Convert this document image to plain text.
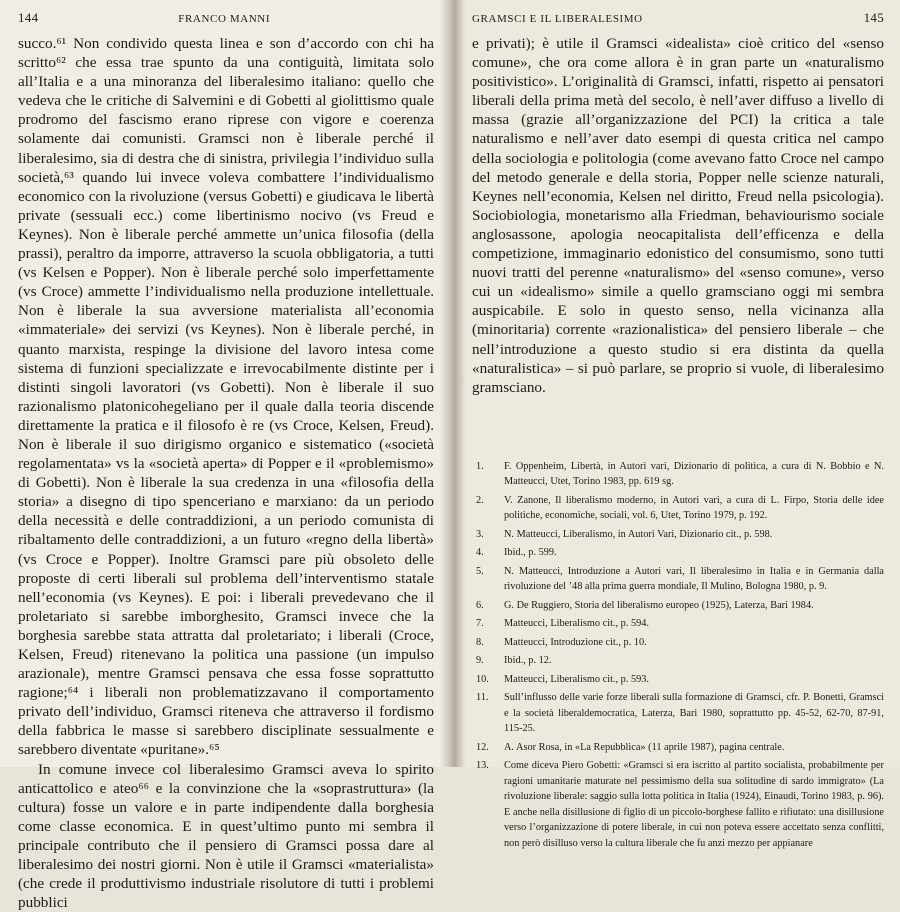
144	FRANCO MANNI

succo.⁶¹ Non condivido questa linea e son d’accordo con chi ha scritto⁶² che essa trae spunto da una contiguità, limitata solo all’Italia e a una minoranza del liberalesimo italiano: quello che vedeva che le critiche di Salvemini e di Gobetti al giolittismo quale prodromo del fascismo erano riprese con vigore e coerenza solamente dai comunisti. Gramsci non è liberale perché il liberalesimo, sia di destra che di sinistra, privilegia l’individuo sulla società,⁶³ quando lui invece voleva combattere l’individualismo economico con la rivoluzione (versus Gobetti) e giudicava le libertà private (sessuali ecc.) come libertinismo nocivo (vs Freud e Keynes). Non è liberale perché ammette un’unica filosofia (della prassi), peraltro da imporre, attraverso la scuola obbligatoria, a tutti (vs Kelsen e Popper). Non è liberale perché solo imperfettamente (vs Croce) ammette l’individualismo nella produzione intellettuale. Non è liberale la sua avversione materialista all’economia «immateriale» dei servizi (vs Keynes). Non è liberale perché, in quanto marxista, respinge la divisione del lavoro intesa come sistema di funzioni specializzate e irrevocabilmente distinte per i distinti singoli lavoratori (vs Gobetti). Non è liberale il suo razionalismo platonicohegeliano per il quale dalla teoria discende direttamente la pratica e il filosofo è re (vs Croce, Kelsen, Freud). Non è liberale il suo dirigismo organico e sistematico («società regolamentata» vs la «società aperta» di Popper e il «problemismo» di Gobetti). Non è liberale la sua credenza in una «filosofia della storia» a disegno di tipo spenceriano e marxiano: da un periodo della necessità e delle contraddizioni, a un periodo comunista di ribaltamento delle contraddizioni, a un futuro «regno della libertà» (vs Croce e Popper). Inoltre Gramsci pare più obsoleto delle proposte di certi liberali sul problema dell’interventismo statale nell’economia (vs Keynes). E poi: i liberali prevedevano che il proletariato si sarebbe imborghesito, Gramsci invece che la borghesia sarebbe stata attratta dal proletariato; i liberali (Croce, Kelsen, Freud) ritenevano la politica una passione (un impulso arazionale), mentre Gramsci pensava che essa fosse soprattutto ragione;⁶⁴ i liberali non problematizzavano il comportamento privato dell’individuo, Gramsci riteneva che attraverso il fordismo della fabbrica le masse si sarebbero disciplinate sessualmente e sarebbero diventate «puritane».⁶⁵

In comune invece col liberalesimo Gramsci aveva lo spirito anticattolico e ateo⁶⁶ e la convinzione che la «soprastruttura» (la cultura) fosse un valore e in parte indipendente dalla borghesia come classe economica. E in quest’ultimo punto mi sembra il principale contributo che il pensiero di Gramsci possa dare al liberalesimo dei nostri giorni. Non è utile il Gramsci «materialista» (che crede il produttivismo industriale risolutore di tutti i problemi pubblici

GRAMSCI E IL LIBERALESIMO	145

e privati); è utile il Gramsci «idealista» cioè critico del «senso comune», che ora come allora è in gran parte un «naturalismo positivistico». L’originalità di Gramsci, infatti, rispetto ai pensatori liberali della prima metà del secolo, è nell’aver diffuso a livello di massa (grazie all’organizzazione del PCI) la critica a tale naturalismo e nell’aver dato esempi di questa critica nel campo della sociologia e politologia (come avevano fatto Croce nel campo del metodo generale e della storia, Popper nelle scienze naturali, Keynes nell’economia, Kelsen nel diritto, Freud nella psicologia). Sociobiologia, monetarismo alla Friedman, behaviourismo sociale anglosassone, apologia neocapitalista dell’efficenza e della competizione, immaginario edonistico del consumismo, sono tutti nuovi tratti del perenne «naturalismo» del «senso comune», verso cui un «idealismo» simile a quello gramsciano oggi mi sembra auspicabile. E solo in questo senso, nella vicinanza alla (minoritaria) corrente «razionalistica» del pensiero liberale – che nell’introduzione a questo studio si era distinta da quella «naturalistica» – si può parlare, se proprio si vuole, di liberalesimo gramsciano.

1.	F. Oppenheim, Libertà, in Autori vari, Dizionario di politica, a cura di N. Bobbio e N. Matteucci, Utet, Torino 1983, pp. 619 sg.
2.	V. Zanone, Il liberalismo moderno, in Autori vari, a cura di L. Firpo, Storia delle idee politiche, economiche, sociali, vol. 6, Utet, Torino 1979, p. 192.
3.	N. Matteucci, Liberalismo, in Autori Vari, Dizionario cit., p. 598.
4.	Ibid., p. 599.
5.	N. Matteucci, Introduzione a Autori vari, Il liberalesimo in Italia e in Germania dalla rivoluzione del ’48 alla prima guerra mondiale, Il Mulino, Bologna 1980, p. 9.
6.	G. De Ruggiero, Storia del liberalismo europeo (1925), Laterza, Bari 1984.
7.	Matteucci, Liberalismo cit., p. 594.
8.	Matteucci, Introduzione cit., p. 10.
9.	Ibid., p. 12.
10.	Matteucci, Liberalismo cit., p. 593.
11.	Sull’influsso delle varie forze liberali sulla formazione di Gramsci, cfr. P. Bonetti, Gramsci e la società liberaldemocratica, Laterza, Bari 1980, soprattutto pp. 45-52, 62-70, 87-91, 115-25.
12.	A. Asor Rosa, in «La Repubblica» (11 aprile 1987), pagina centrale.
13.	Come diceva Piero Gobetti: «Gramsci si era iscritto al partito socialista, probabilmente per ragioni umanitarie maturate nel pessimismo della sua solitudine di sardo immigrato» (La rivoluzione liberale: saggio sulla lotta politica in Italia (1924), Einaudi, Torino 1983, p. 96). E anche nella disillusione di figlio di un piccolo-borghese fallito e rifiutato: una disillusione verso l’organizzazione di potere liberale, in cui non poteva essere accettato senza conflitti, non però disilluso verso la cultura liberale che fu anzi mezzo per appianare
